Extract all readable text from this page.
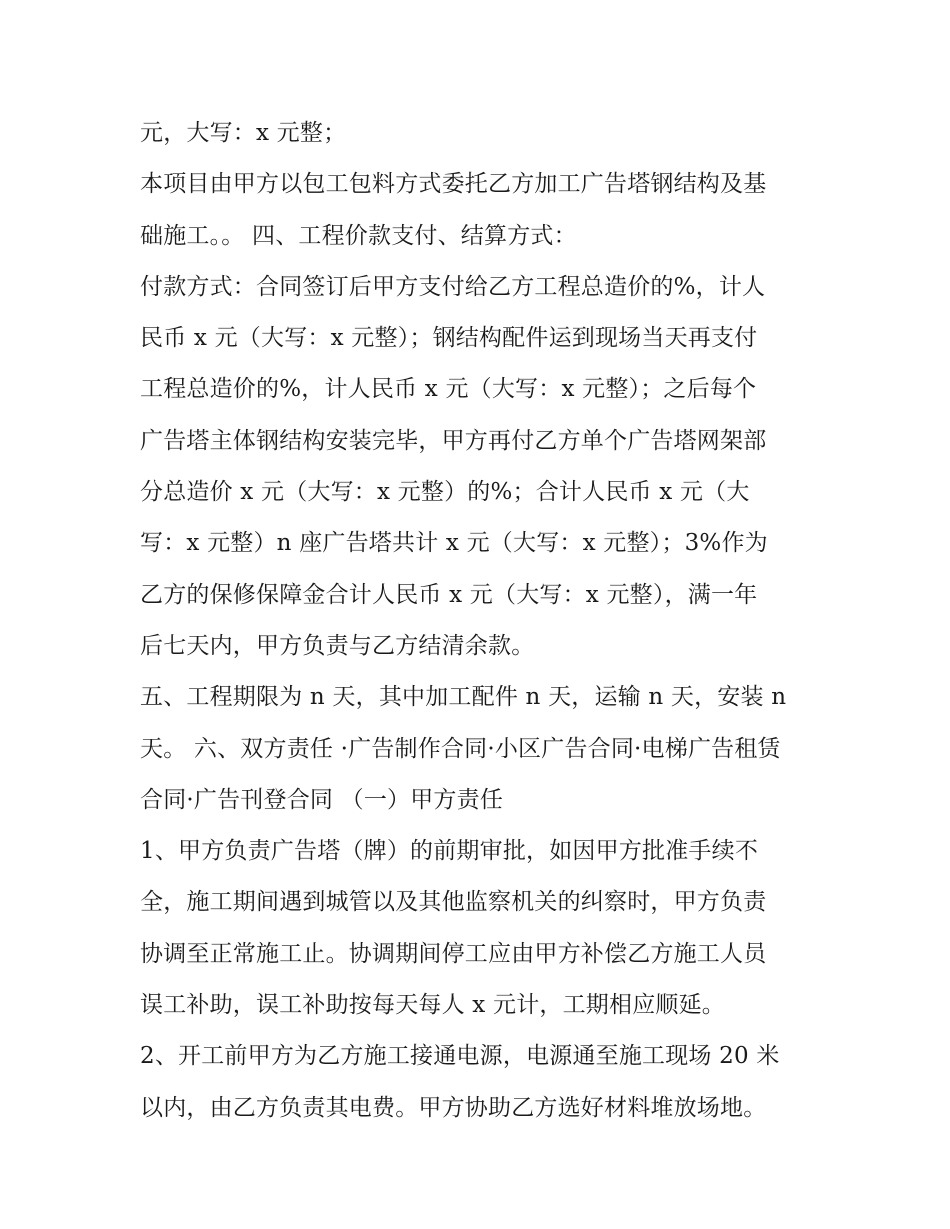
元，大写：x 元整；
本项目由甲方以包工包料方式委托乙方加工广告塔钢结构及基
础施工。。 四、工程价款支付、结算方式：
付款方式：合同签订后甲方支付给乙方工程总造价的%，计人
民币 x 元（大写：x 元整）；钢结构配件运到现场当天再支付
工程总造价的%，计人民币 x 元（大写：x 元整）；之后每个
广告塔主体钢结构安装完毕，甲方再付乙方单个广告塔网架部
分总造价 x 元（大写：x 元整）的%；合计人民币 x 元（大
写：x 元整）n 座广告塔共计 x 元（大写：x 元整）；3%作为
乙方的保修保障金合计人民币 x 元（大写：x 元整），满一年
后七天内，甲方负责与乙方结清余款。
五、工程期限为 n 天，其中加工配件 n 天，运输 n 天，安装 n
天。 六、双方责任 ·广告制作合同·小区广告合同·电梯广告租赁
合同·广告刊登合同 （一）甲方责任
1、甲方负责广告塔（牌）的前期审批，如因甲方批准手续不
全，施工期间遇到城管以及其他监察机关的纠察时，甲方负责
协调至正常施工止。协调期间停工应由甲方补偿乙方施工人员
误工补助，误工补助按每天每人 x 元计，工期相应顺延。
2、开工前甲方为乙方施工接通电源，电源通至施工现场 20 米
以内，由乙方负责其电费。甲方协助乙方选好材料堆放场地。
